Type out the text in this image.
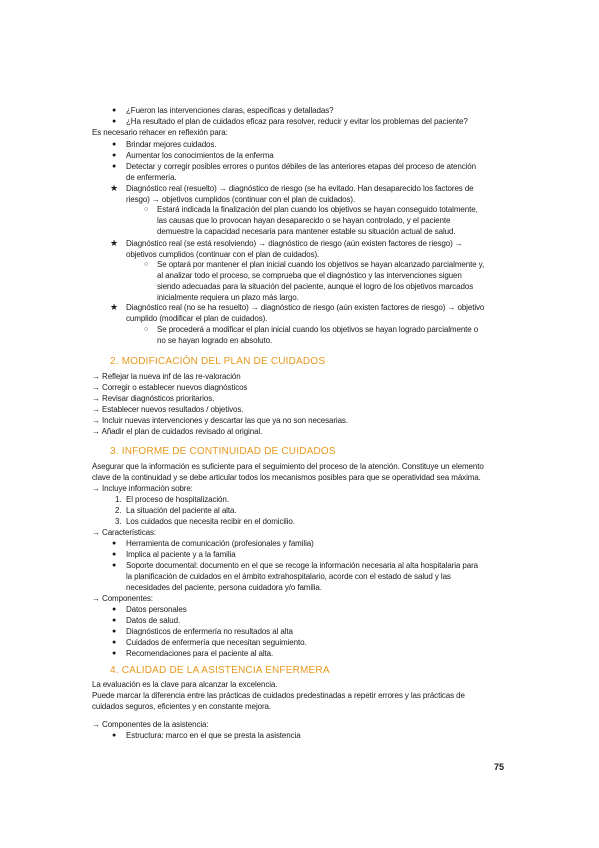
● ¿Fueron las intervenciones claras, especificas y detalladas?
● ¿Ha resultado el plan de cuidados eficaz para resolver, reducir y evitar los problemas del paciente?
Es necesario rehacer en reflexión para:
● Brindar mejores cuidados.
● Aumentar los conocimientos de la enferma
● Detectar y corregir posibles errores o puntos débiles de las anteriores etapas del proceso de atención
de enfermería.
★ Diagnóstico real (resuelto) → diagnóstico de riesgo (se ha evitado. Han desaparecido los factores de
riesgo) → objetivos cumplidos (continuar con el plan de cuidados).
○ Estará indicada la finalización del plan cuando los objetivos se hayan conseguido totalmente,
las causas que lo provocan hayan desaparecido o se hayan controlado, y el paciente
demuestre la capacidad necesaria para mantener estable su situación actual de salud.
★ Diagnóstico real (se está resolviendo) → diagnóstico de riesgo (aún existen factores de riesgo) →
objetivos cumplidos (continuar con el plan de cuidados).
○ Se optará por mantener el plan inicial cuando los objetivos se hayan alcanzado parcialmente y,
al analizar todo el proceso, se comprueba que el diagnóstico y las intervenciones siguen
siendo adecuadas para la situación del paciente, aunque el logro de los objetivos marcados
inicialmente requiera un plazo más largo.
★ Diagnóstico real (no se ha resuelto) → diagnóstico de riesgo (aún existen factores de riesgo) → objetivo
cumplido (modificar el plan de cuidados).
○ Se procederá a modificar el plan inicial cuando los objetivos se hayan logrado parcialmente o
no se hayan logrado en absoluto.
2. MODIFICACIÓN DEL PLAN DE CUIDADOS
→ Reflejar la nueva inf de las re-valoración
→ Corregir o establecer nuevos diagnósticos
→ Revisar diagnósticos prioritarios.
→ Establecer nuevos resultados / objetivos.
→ Incluir nuevas intervenciones y descartar las que ya no son necesarias.
→ Añadir el plan de cuidados revisado al original.
3. INFORME DE CONTINUIDAD DE CUIDADOS
Asegurar que la información es suficiente para el seguimiento del proceso de la atención. Constituye un elemento
clave de la continuidad y se debe articular todos los mecanismos posibles para que se operatividad sea máxima.
→ Incluye información sobre:
1. El proceso de hospitalización.
2. La situación del paciente al alta.
3. Los cuidados que necesita recibir en el domicilio.
→ Características:
● Herramienta de comunicación (profesionales y familia)
● Implica al paciente y a la familia
● Soporte documental: documento en el que se recoge la información necesaria al alta hospitalaria para
la planificación de cuidados en el ámbito extrahospitalario, acorde con el estado de salud y las
necesidades del paciente, persona cuidadora y/o familia.
→ Componentes:
● Datos personales
● Datos de salud.
● Diagnósticos de enfermería no resultados al alta
● Cuidados de enfermería que necesitan seguimiento.
● Recomendaciones para el paciente al alta.
4. CALIDAD DE LA ASISTENCIA ENFERMERA
La evaluación es la clave para alcanzar la excelencia.
Puede marcar la diferencia entre las prácticas de cuidados predestinadas a repetir errores y las prácticas de
cuidados seguros, eficientes y en constante mejora.
→ Componentes de la asistencia:
● Estructura: marco en el que se presta la asistencia
75
